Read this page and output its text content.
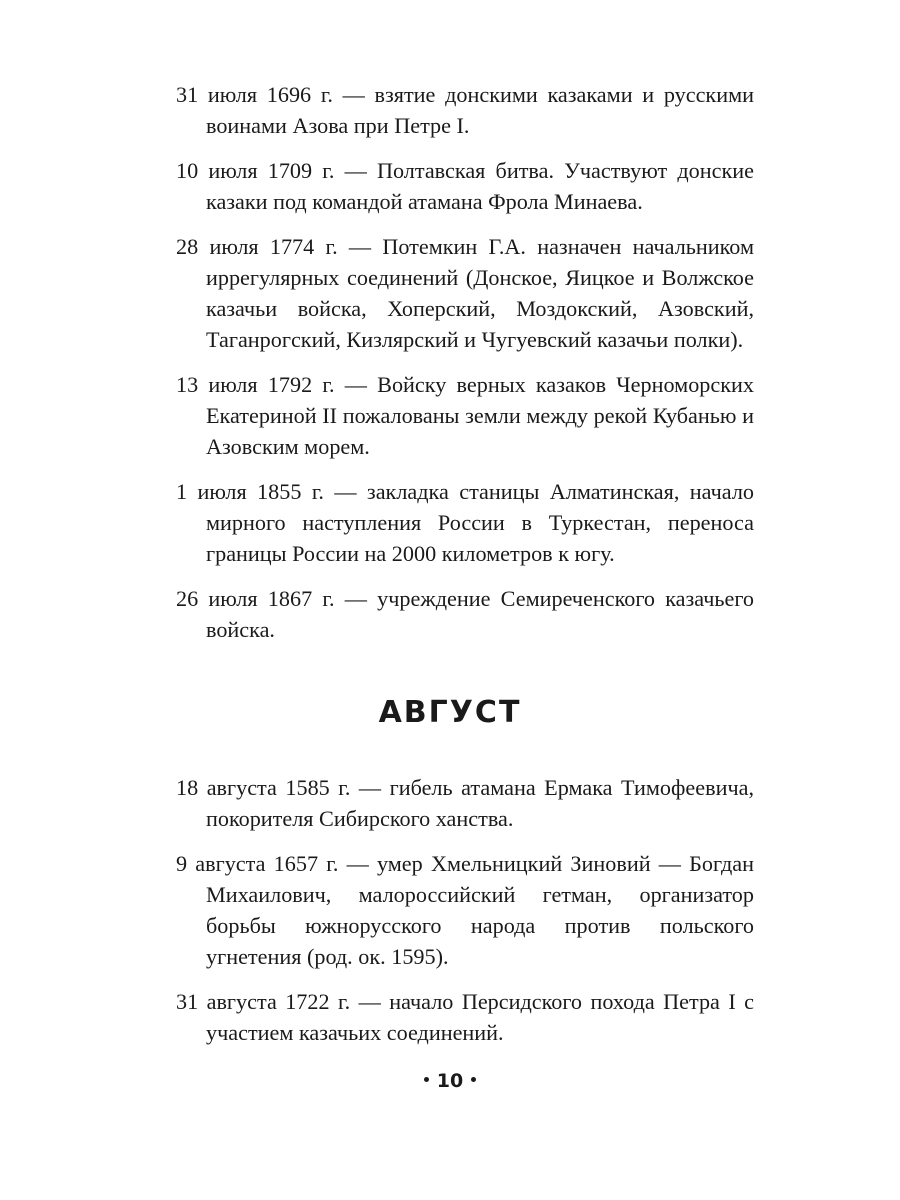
31 июля 1696 г. — взятие донскими казаками и русскими воинами Азова при Петре I.
10 июля 1709 г. — Полтавская битва. Участвуют донские казаки под командой атамана Фрола Минаева.
28 июля 1774 г. — Потемкин Г.А. назначен начальником иррегулярных соединений (Донское, Яицкое и Волжское казачьи войска, Хоперский, Моздокский, Азовский, Таганрогский, Кизлярский и Чугуевский казачьи полки).
13 июля 1792 г. — Войску верных казаков Черноморских Екатериной II пожалованы земли между рекой Кубанью и Азовским морем.
1 июля 1855 г. — закладка станицы Алматинская, начало мирного наступления России в Туркестан, переноса границы России на 2000 километров к югу.
26 июля 1867 г. — учреждение Семиреченского казачьего войска.
АВГУСТ
18 августа 1585 г. — гибель атамана Ермака Тимофеевича, покорителя Сибирского ханства.
9 августа 1657 г. — умер Хмельницкий Зиновий — Богдан Михаилович, малороссийский гетман, организатор борьбы южнорусского народа против польского угнетения (род. ок. 1595).
31 августа 1722 г. — начало Персидского похода Петра I с участием казачьих соединений.
10
